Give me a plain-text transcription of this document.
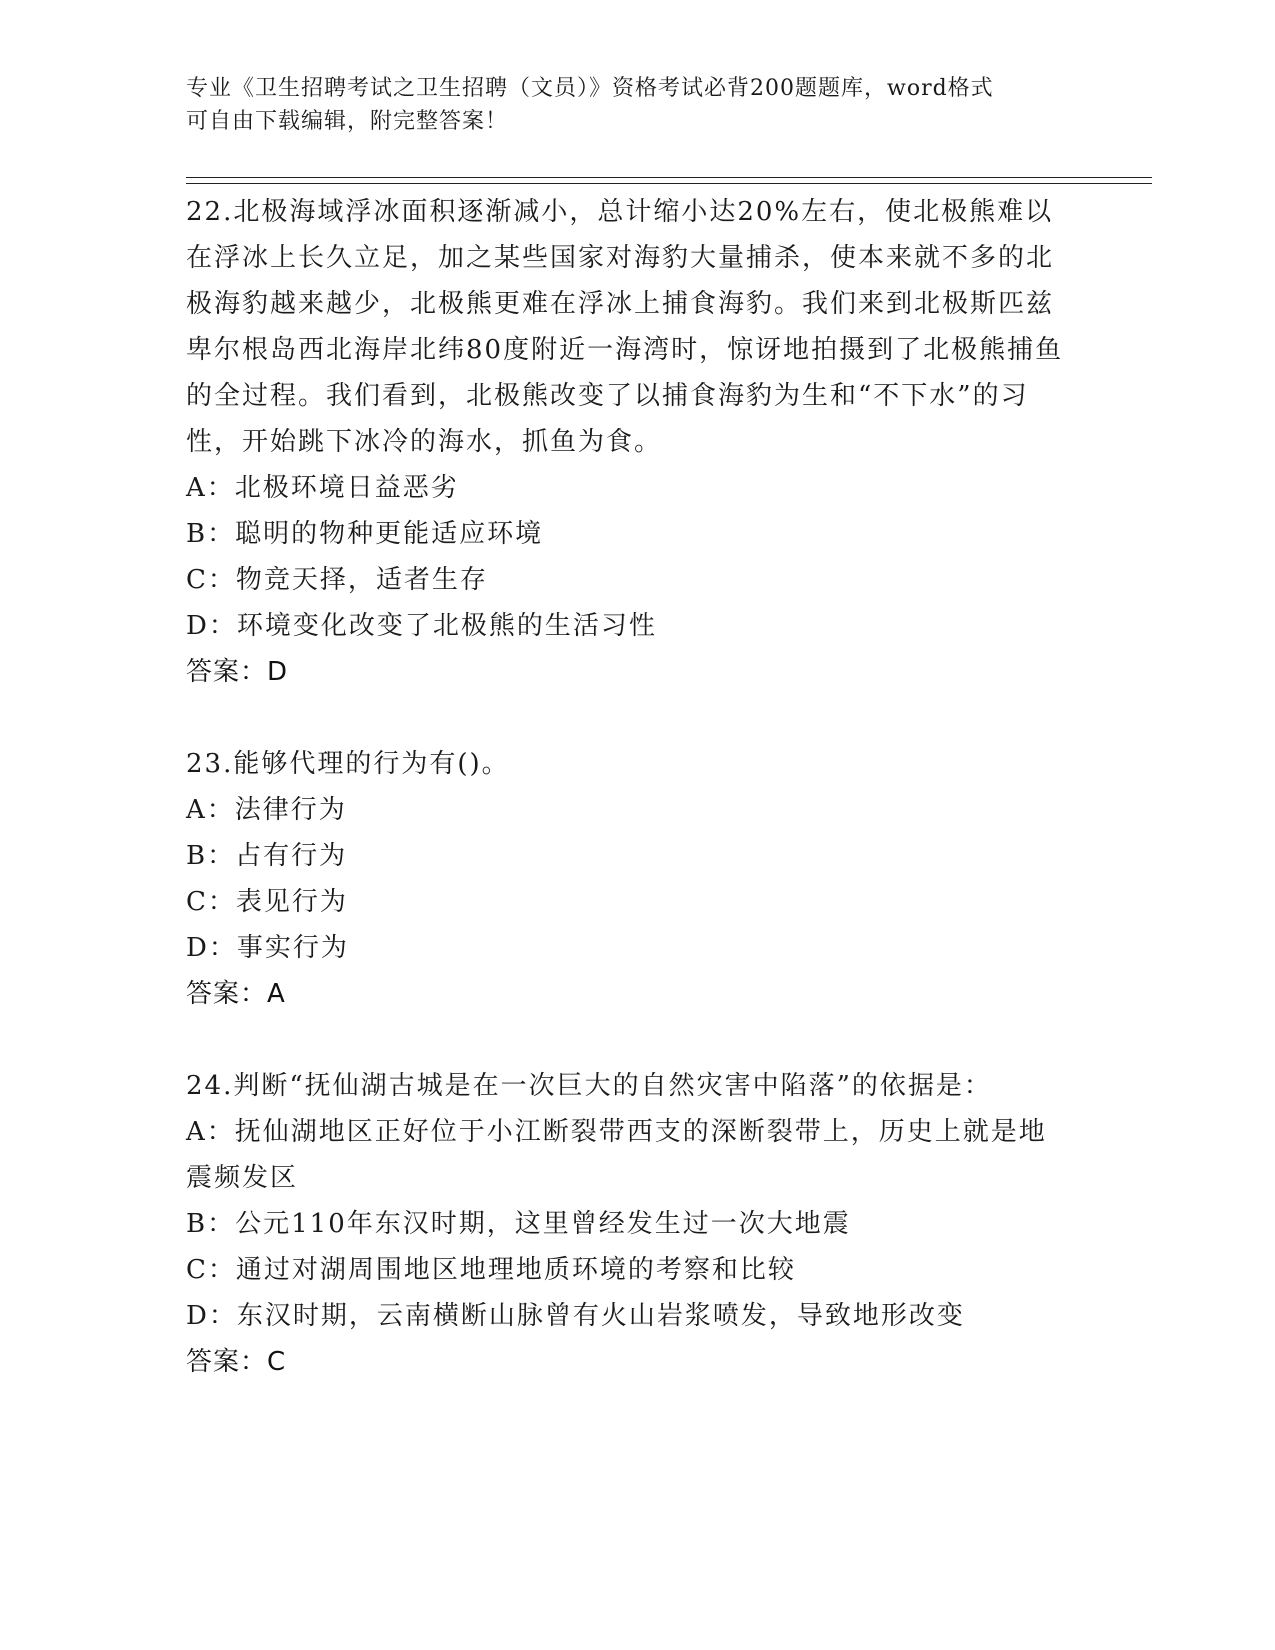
专业《卫生招聘考试之卫生招聘（文员）》资格考试必背200题题库，word格式
可自由下载编辑，附完整答案！
22.北极海域浮冰面积逐渐减小，总计缩小达20%左右，使北极熊难以在浮冰上长久立足，加之某些国家对海豹大量捕杀，使本来就不多的北极海豹越来越少，北极熊更难在浮冰上捕食海豹。我们来到北极斯匹兹卑尔根岛西北海岸北纬80度附近一海湾时，惊讶地拍摄到了北极熊捕鱼的全过程。我们看到，北极熊改变了以捕食海豹为生和“不下水”的习性，开始跳下冰冷的海水，抓鱼为食。
A：北极环境日益恶劣
B：聪明的物种更能适应环境
C：物竞天择，适者生存
D：环境变化改变了北极熊的生活习性
答案：D
23.能够代理的行为有()。
A：法律行为
B：占有行为
C：表见行为
D：事实行为
答案：A
24.判断“抚仙湖古城是在一次巨大的自然灾害中陷落”的依据是：
A：抚仙湖地区正好位于小江断裂带西支的深断裂带上，历史上就是地震频发区
B：公元110年东汉时期，这里曾经发生过一次大地震
C：通过对湖周围地区地理地质环境的考察和比较
D：东汉时期，云南横断山脉曾有火山岩浆喷发，导致地形改变
答案：C
